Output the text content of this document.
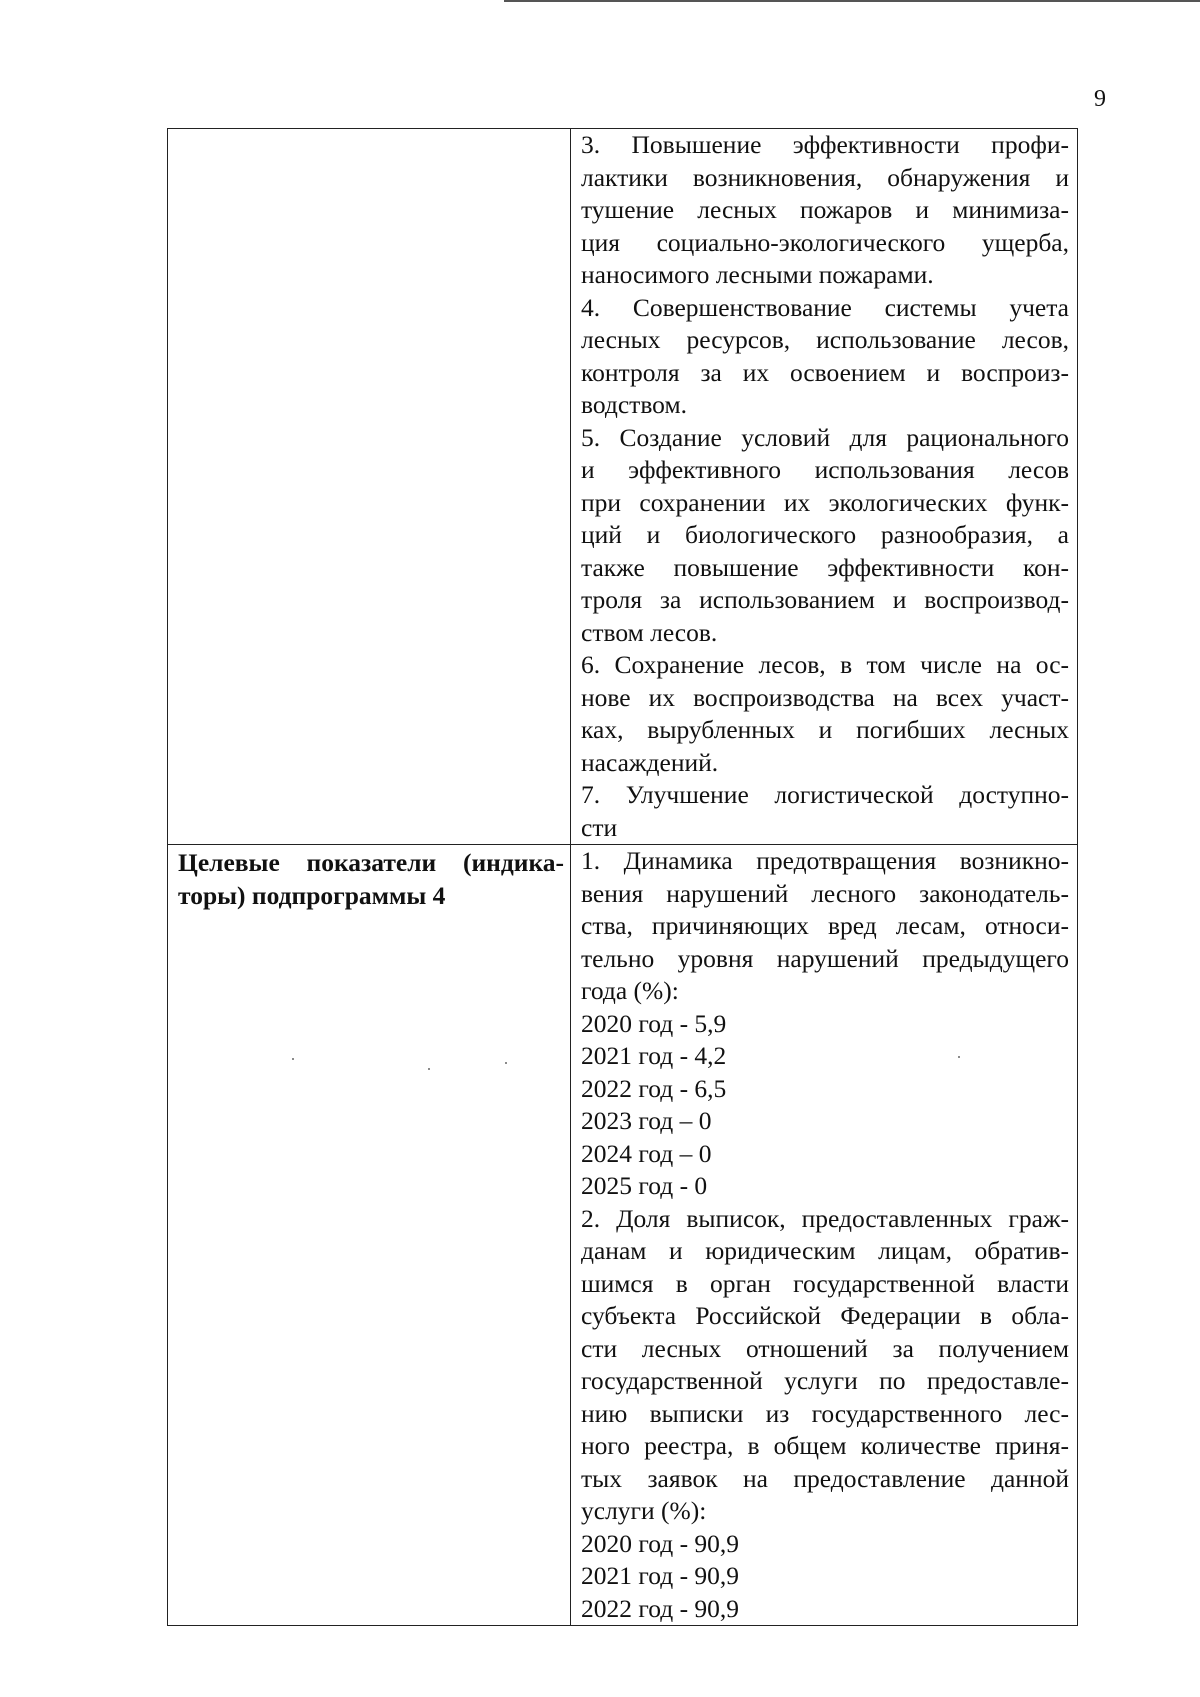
9
3. Повышение эффективности профи-
лактики возникновения, обнаружения и
тушение лесных пожаров и минимиза-
ция социально-экологического ущерба,
наносимого лесными пожарами.
4. Совершенствование системы учета
лесных ресурсов, использование лесов,
контроля за их освоением и воспроиз-
водством.
5. Создание условий для рационального
и эффективного использования лесов
при сохранении их экологических функ-
ций и биологического разнообразия, а
также повышение эффективности кон-
троля за использованием и воспроизвод-
ством лесов.
6. Сохранение лесов, в том числе на ос-
нове их воспроизводства на всех участ-
ках, вырубленных и погибших лесных
насаждений.
7. Улучшение логистической доступно-
сти
Целевые показатели (индика-
торы) подпрограммы 4
1. Динамика предотвращения возникно-
вения нарушений лесного законодатель-
ства, причиняющих вред лесам, относи-
тельно уровня нарушений предыдущего
года (%):
2020 год - 5,9
2021 год - 4,2
2022 год - 6,5
2023 год – 0
2024 год – 0
2025 год - 0
2. Доля выписок, предоставленных граж-
данам и юридическим лицам, обратив-
шимся в орган государственной власти
субъекта Российской Федерации в обла-
сти лесных отношений за получением
государственной услуги по предоставле-
нию выписки из государственного лес-
ного реестра, в общем количестве приня-
тых заявок на предоставление данной
услуги (%):
2020 год - 90,9
2021 год - 90,9
2022 год - 90,9
